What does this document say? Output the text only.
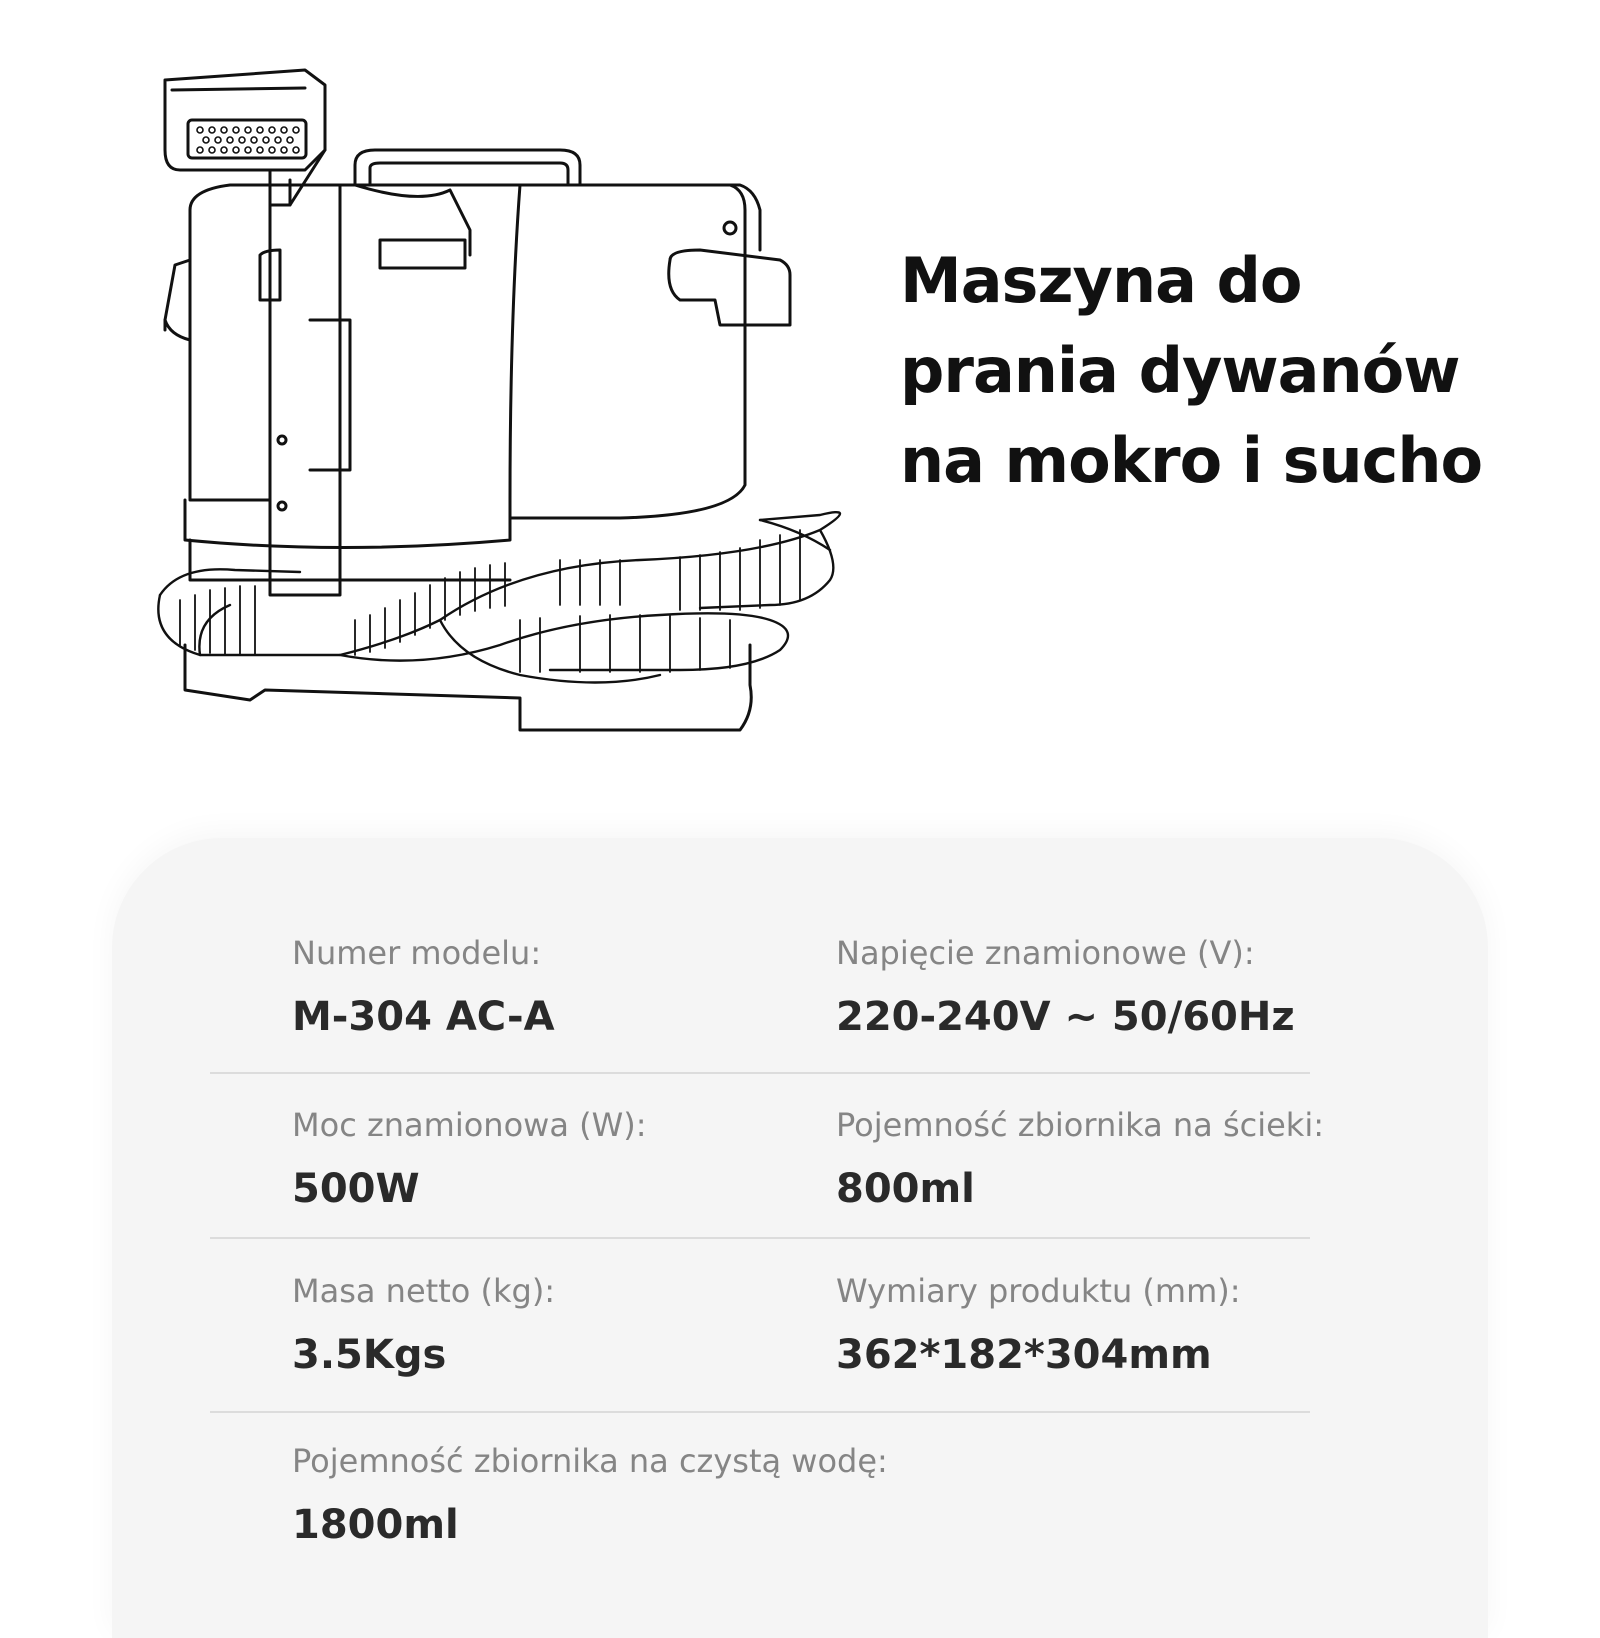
Maszyna do
prania dywanów
na mokro i sucho
Numer modelu:
M-304 AC-A
Napięcie znamionowe (V):
220-240V ~ 50/60Hz
Moc znamionowa (W):
500W
Pojemność zbiornika na ścieki:
800ml
Masa netto (kg):
3.5Kgs
Wymiary produktu (mm):
362*182*304mm
Pojemność zbiornika na czystą wodę:
1800ml
